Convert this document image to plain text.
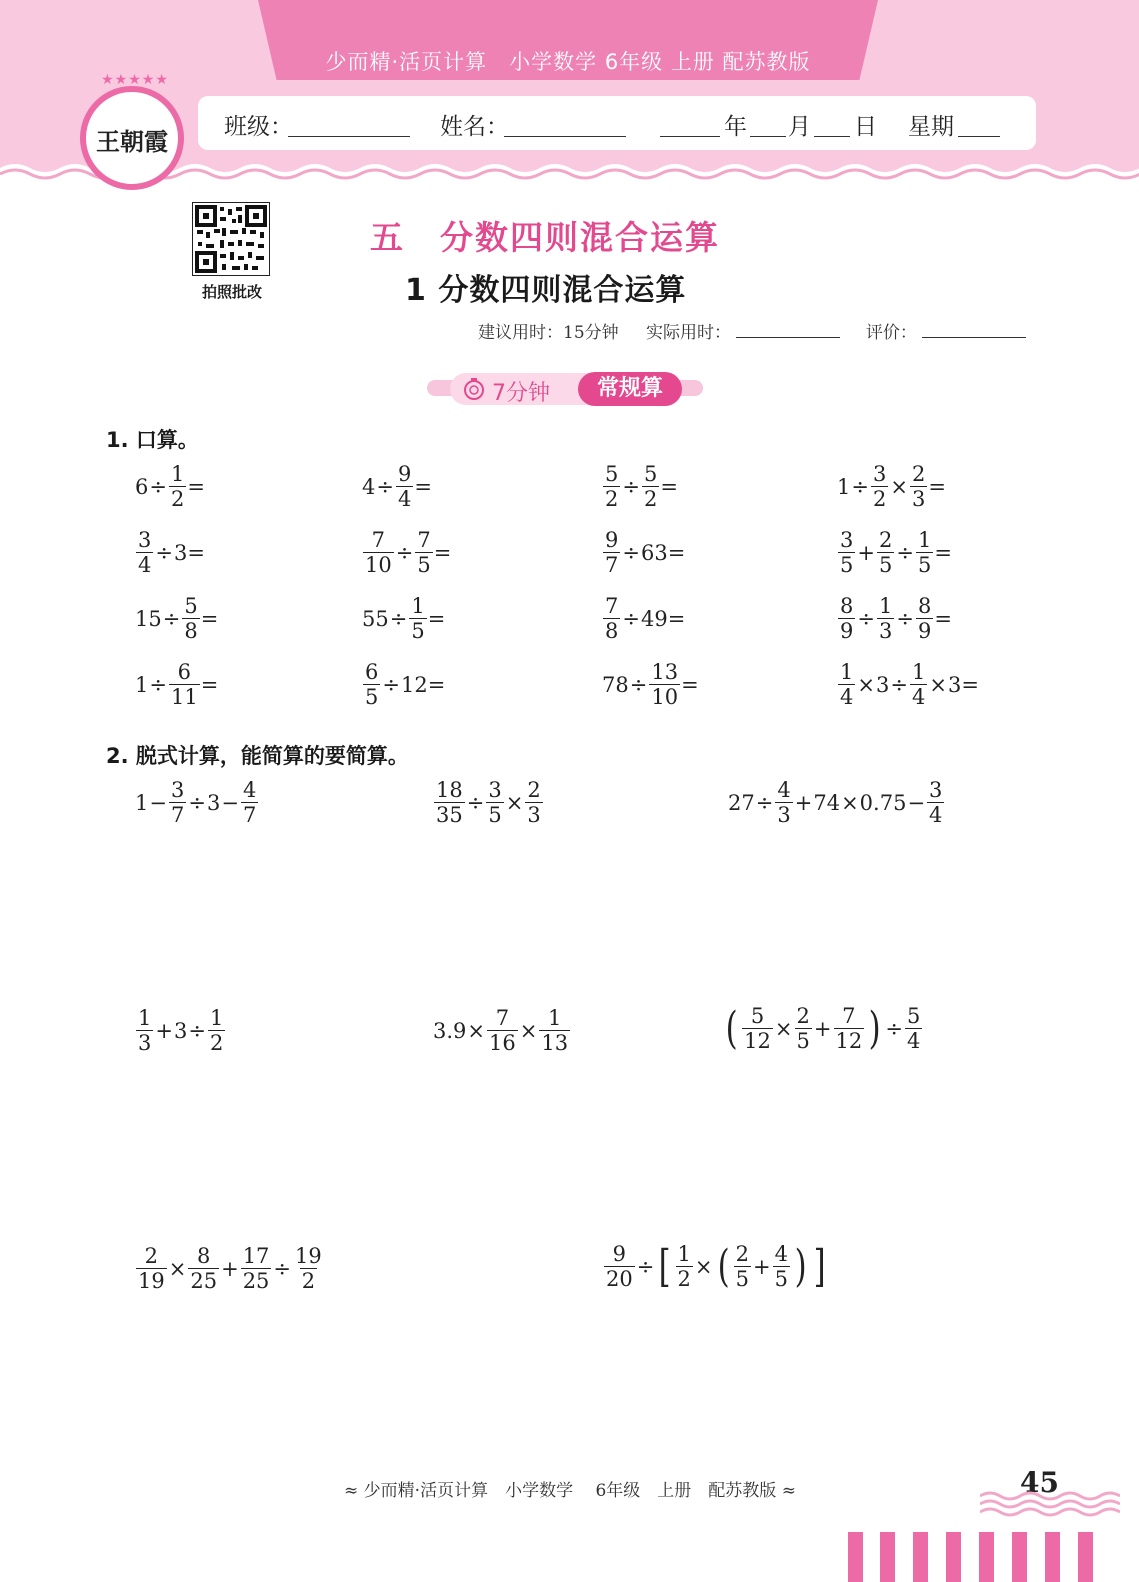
少而精·活页计算　小学数学 6年级 上册 配苏教版
王朝霞
★★★★★
班级：	姓名：	年 月 日 星期
拍照批改
五　分数四则混合运算
1 分数四则混合运算
建议用时：15分钟 实际用时：	评价：
7分钟	常规算
1. 口算。
$6 \div \frac{1}{2}$ =	$4 \div \frac{9}{4}$ =	$\frac{5}{2} \div \frac{5}{2}$ =	$1 \div \frac{3}{2} \times \frac{2}{3}$ =
$\frac{3}{4} \div 3=$	$\frac{7}{10} \div \frac{7}{5}$ =	$\frac{9}{7} \div 63=$	$\frac{3}{5} + \frac{2}{5} \div \frac{1}{5}$ =
$15 \div \frac{5}{8}$ =	$55 \div \frac{1}{5}$ =	$\frac{7}{8} \div 49=$	$\frac{8}{9} \div \frac{1}{3} \div \frac{8}{9}$ =
$1 \div \frac{6}{11}$ =	$\frac{6}{5} \div 12=$	$78 \div \frac{13}{10}$ =	$\frac{1}{4} \times 3 \div \frac{1}{4} \times 3=$
2. 脱式计算，能简算的要简算。
$1 - \frac{3}{7} \div 3 - \frac{4}{7}$	$\frac{18}{35} \div \frac{3}{5} \times \frac{2}{3}$	$27 \div \frac{4}{3} + 74 \times 0.75 - \frac{3}{4}$
$\frac{1}{3} + 3 \div \frac{1}{2}$	$3.9 \times \frac{7}{16} \times \frac{1}{13}$	( $\frac{5}{12} \times \frac{2}{5} + \frac{7}{12}$ ) ÷ $\frac{5}{4}$
$\frac{2}{19} \times \frac{8}{25} + \frac{17}{25} \div \frac{19}{2}$	$\frac{9}{20}$ ÷ [ $\frac{1}{2}$ × ( $\frac{2}{5} + \frac{4}{5}$ ) ]
≈ 少而精·活页计算　小学数学　 6年级　上册　配苏教版 ≈	45
